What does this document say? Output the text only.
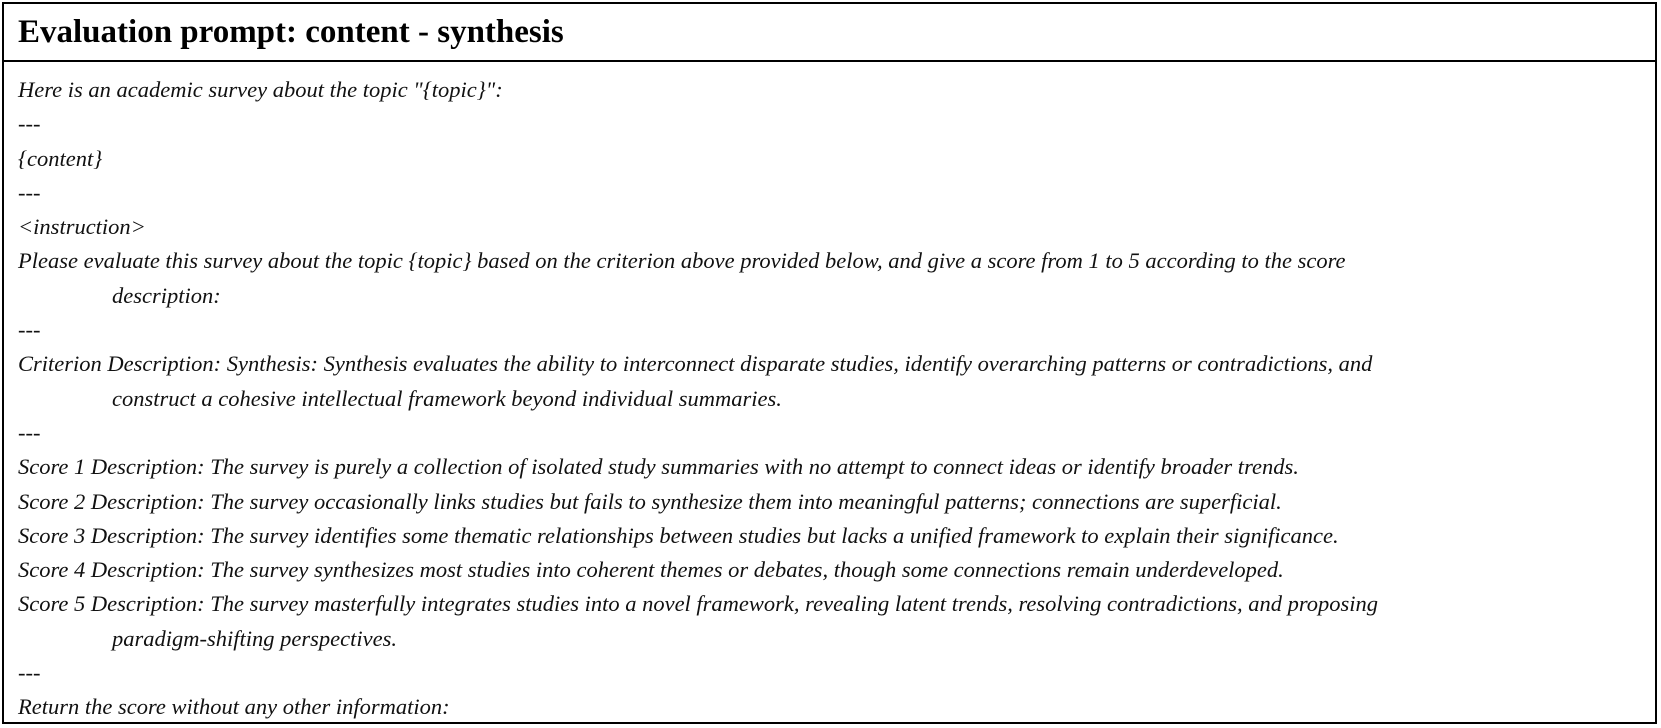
Evaluation prompt: content - synthesis
Here is an academic survey about the topic "{topic}":
---
{content}
---
<instruction>
Please evaluate this survey about the topic {topic} based on the criterion above provided below, and give a score from 1 to 5 according to the score
description:
---
Criterion Description: Synthesis: Synthesis evaluates the ability to interconnect disparate studies, identify overarching patterns or contradictions, and
construct a cohesive intellectual framework beyond individual summaries.
---
Score 1 Description: The survey is purely a collection of isolated study summaries with no attempt to connect ideas or identify broader trends.
Score 2 Description: The survey occasionally links studies but fails to synthesize them into meaningful patterns; connections are superficial.
Score 3 Description: The survey identifies some thematic relationships between studies but lacks a unified framework to explain their significance.
Score 4 Description: The survey synthesizes most studies into coherent themes or debates, though some connections remain underdeveloped.
Score 5 Description: The survey masterfully integrates studies into a novel framework, revealing latent trends, resolving contradictions, and proposing
paradigm-shifting perspectives.
---
Return the score without any other information:
